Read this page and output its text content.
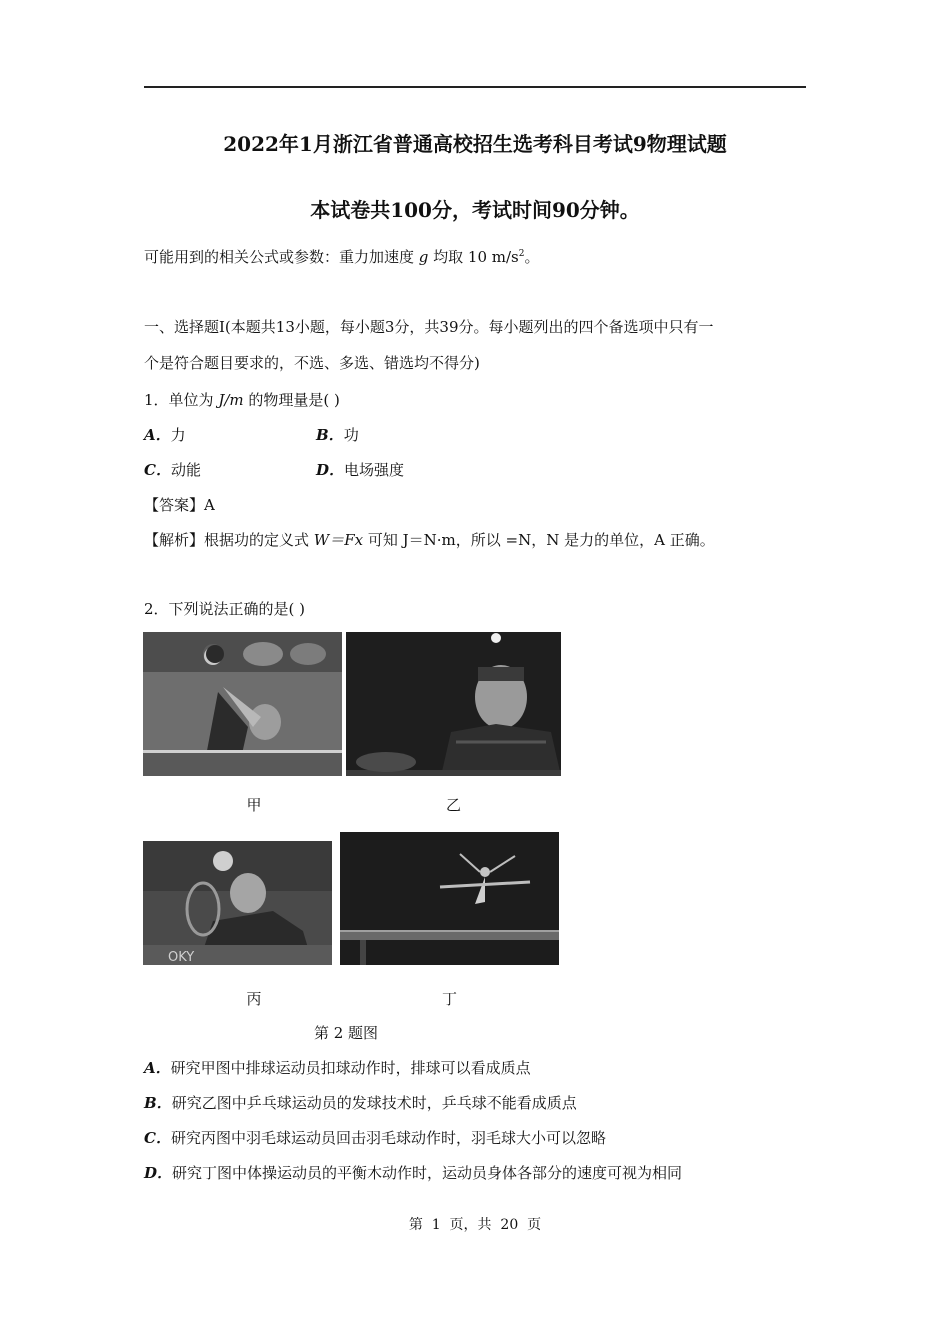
2022年1月浙江省普通高校招生选考科目考试9物理试题
本试卷共100分，考试时间90分钟。
可能用到的相关公式或参数：重力加速度 g 均取 10 $m/s^2$。
一、选择题Ⅰ(本题共13小题，每小题3分，共39分。每小题列出的四个备选项中只有一
个是符合题目要求的，不选、多选、错选均不得分)
1．单位为 J/m 的物理量是( )
A．力	B．功
C．动能	D．电场强度
【答案】A
【解析】根据功的定义式 W＝Fx 可知 J＝N·m，所以 =N，N 是力的单位，A 正确。
2．下列说法正确的是( )
甲	乙
OKY
丙	丁
第 2 题图
A．研究甲图中排球运动员扣球动作时，排球可以看成质点
B．研究乙图中乒乓球运动员的发球技术时，乒乓球不能看成质点
C．研究丙图中羽毛球运动员回击羽毛球动作时，羽毛球大小可以忽略
D．研究丁图中体操运动员的平衡木动作时，运动员身体各部分的速度可视为相同
第  1  页，共  20  页
